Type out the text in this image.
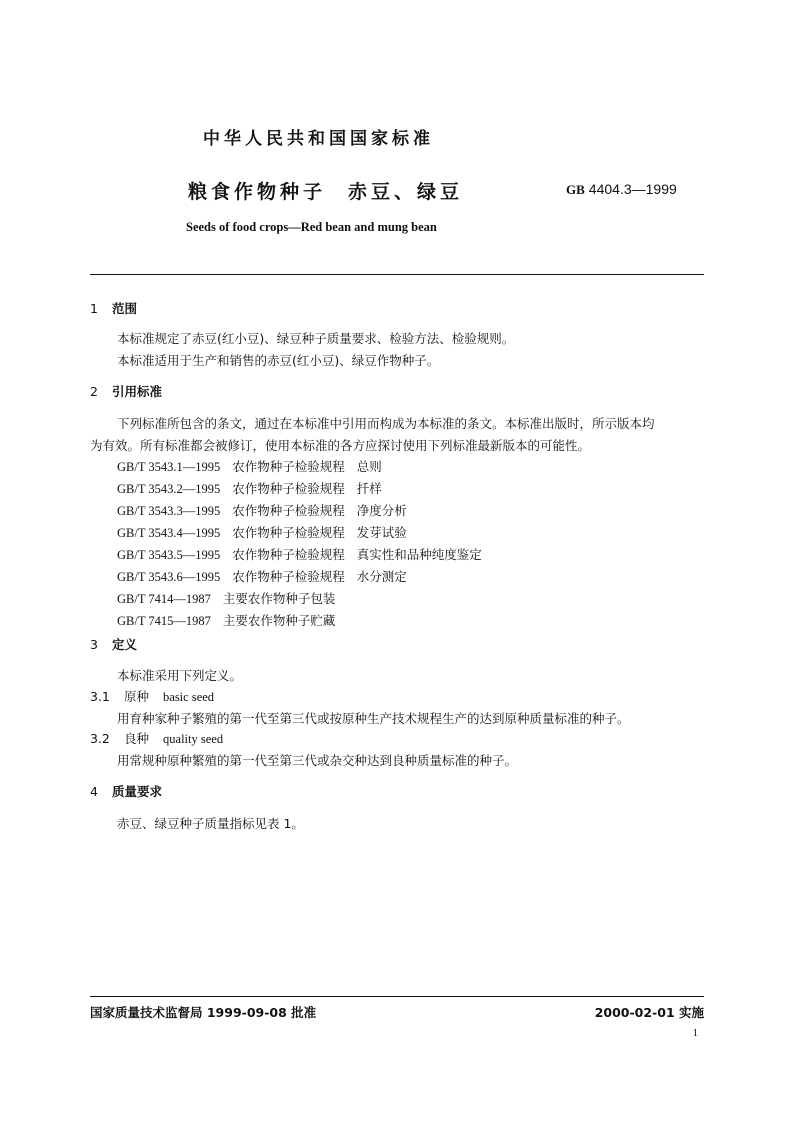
中华人民共和国国家标准
粮食作物种子 赤豆、绿豆	GB 4404.3—1999
Seeds of food crops—Red bean and mung bean
1 范围
本标准规定了赤豆(红小豆)、绿豆种子质量要求、检验方法、检验规则。
本标准适用于生产和销售的赤豆(红小豆)、绿豆作物种子。
2 引用标准
下列标准所包含的条文，通过在本标准中引用而构成为本标准的条文。本标准出版时，所示版本均
为有效。所有标准都会被修订，使用本标准的各方应探讨使用下列标准最新版本的可能性。
GB/T 3543.1—1995 农作物种子检验规程 总则
GB/T 3543.2—1995 农作物种子检验规程 扦样
GB/T 3543.3—1995 农作物种子检验规程 净度分析
GB/T 3543.4—1995 农作物种子检验规程 发芽试验
GB/T 3543.5—1995 农作物种子检验规程 真实性和品种纯度鉴定
GB/T 3543.6—1995 农作物种子检验规程 水分测定
GB/T 7414—1987 主要农作物种子包装
GB/T 7415—1987 主要农作物种子贮藏
3 定义
本标准采用下列定义。
3.1 原种 basic seed
用育种家种子繁殖的第一代至第三代或按原种生产技术规程生产的达到原种质量标准的种子。
3.2 良种 quality seed
用常规种原种繁殖的第一代至第三代或杂交种达到良种质量标准的种子。
4 质量要求
赤豆、绿豆种子质量指标见表 1。
国家质量技术监督局 1999-09-08 批准	2000-02-01 实施
1
